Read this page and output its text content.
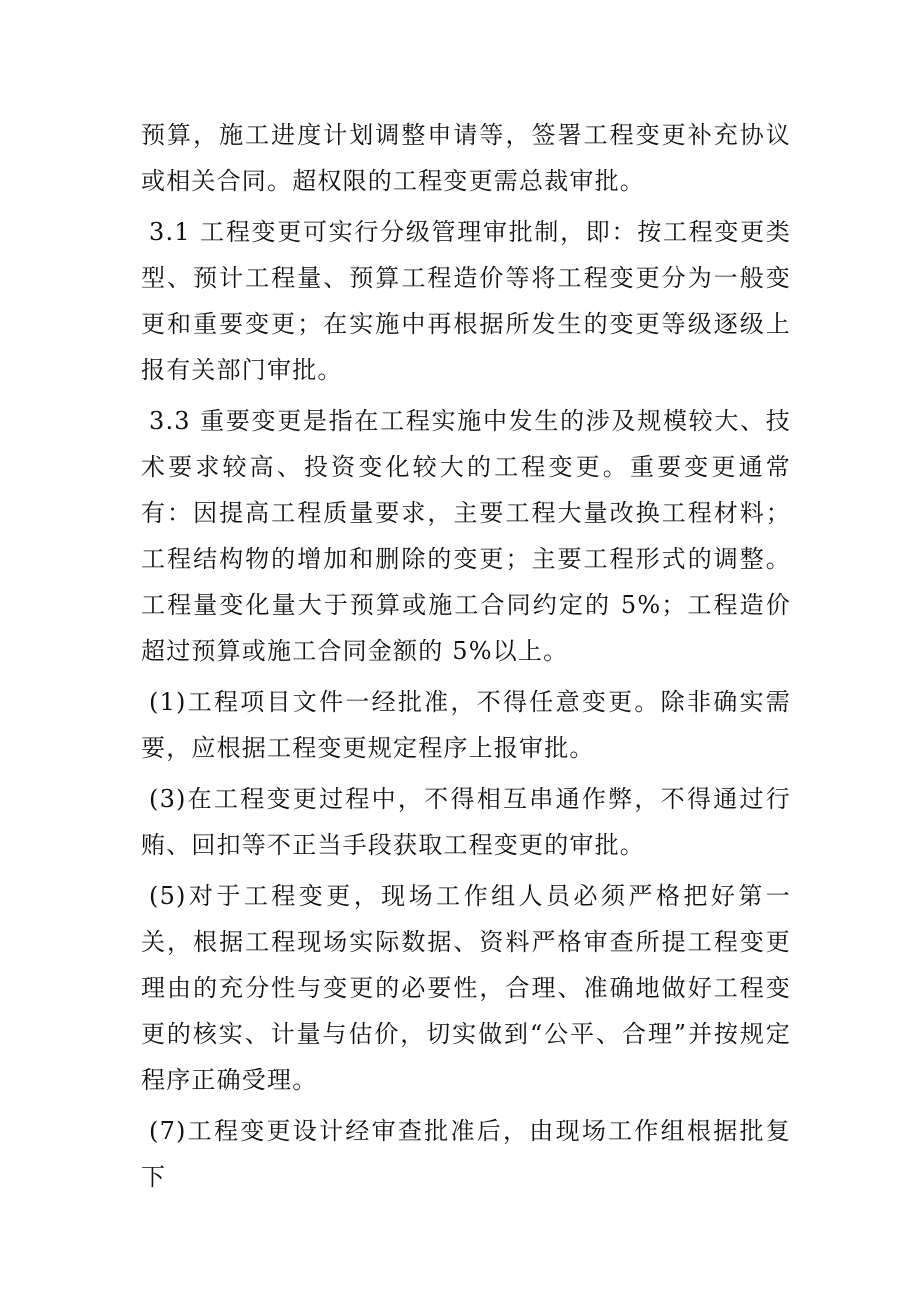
预算，施工进度计划调整申请等，签署工程变更补充协议或相关合同。超权限的工程变更需总裁审批。

3.1 工程变更可实行分级管理审批制，即：按工程变更类型、预计工程量、预算工程造价等将工程变更分为一般变更和重要变更；在实施中再根据所发生的变更等级逐级上报有关部门审批。

3.3 重要变更是指在工程实施中发生的涉及规模较大、技术要求较高、投资变化较大的工程变更。重要变更通常有：因提高工程质量要求，主要工程大量改换工程材料；工程结构物的增加和删除的变更；主要工程形式的调整。工程量变化量大于预算或施工合同约定的 5%；工程造价超过预算或施工合同金额的 5%以上。

(1)工程项目文件一经批准，不得任意变更。除非确实需要，应根据工程变更规定程序上报审批。

(3)在工程变更过程中，不得相互串通作弊，不得通过行贿、回扣等不正当手段获取工程变更的审批。

(5)对于工程变更，现场工作组人员必须严格把好第一关，根据工程现场实际数据、资料严格审查所提工程变更理由的充分性与变更的必要性，合理、准确地做好工程变更的核实、计量与估价，切实做到“公平、合理”并按规定程序正确受理。

(7)工程变更设计经审查批准后，由现场工作组根据批复下
